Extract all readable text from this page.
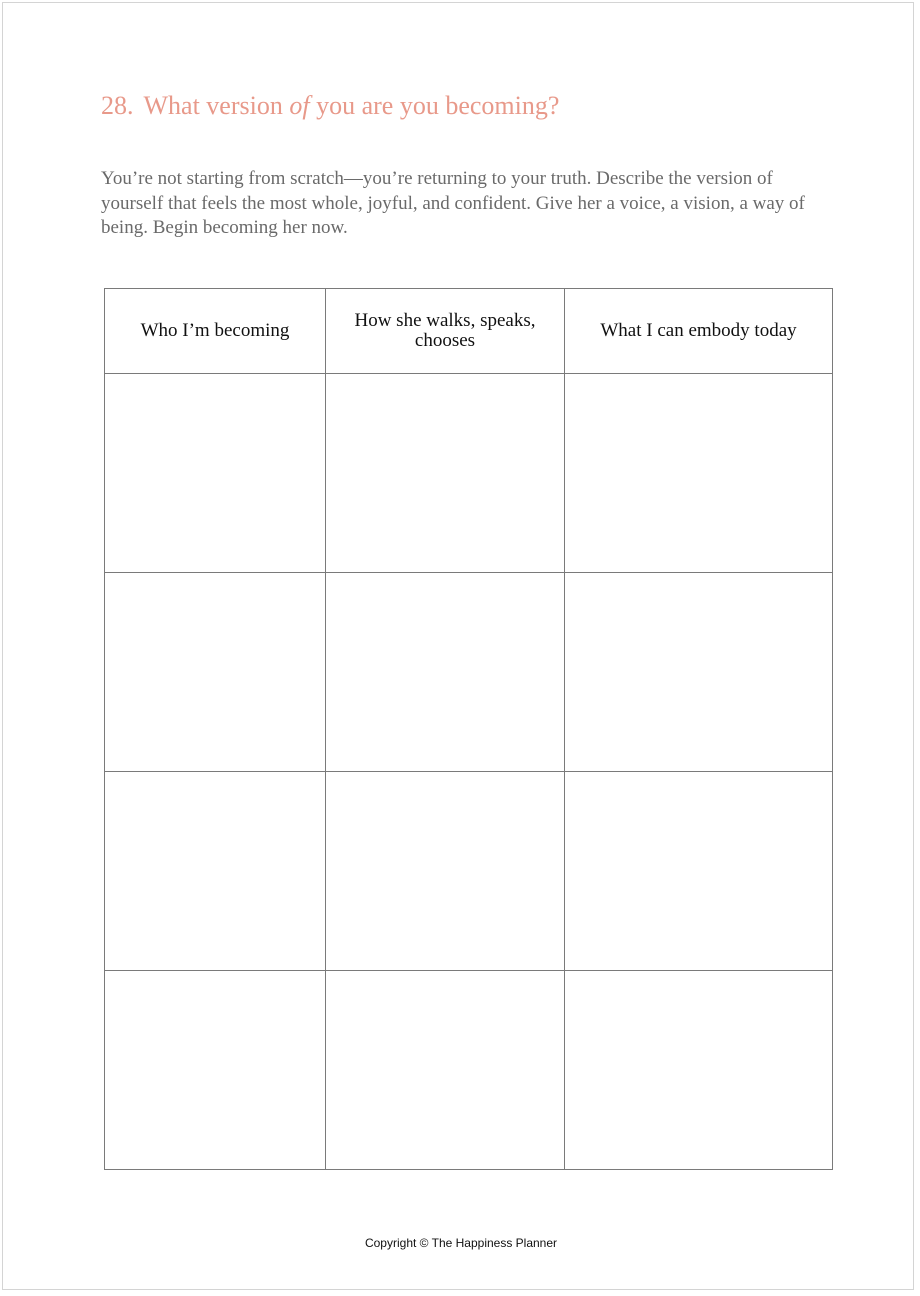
28. What version of you are you becoming?

You’re not starting from scratch—you’re returning to your truth. Describe the version of yourself that feels the most whole, joyful, and confident. Give her a voice, a vision, a way of being. Begin becoming her now.

Who I’m becoming	How she walks, speaks, chooses	What I can embody today

Copyright © The Happiness Planner
